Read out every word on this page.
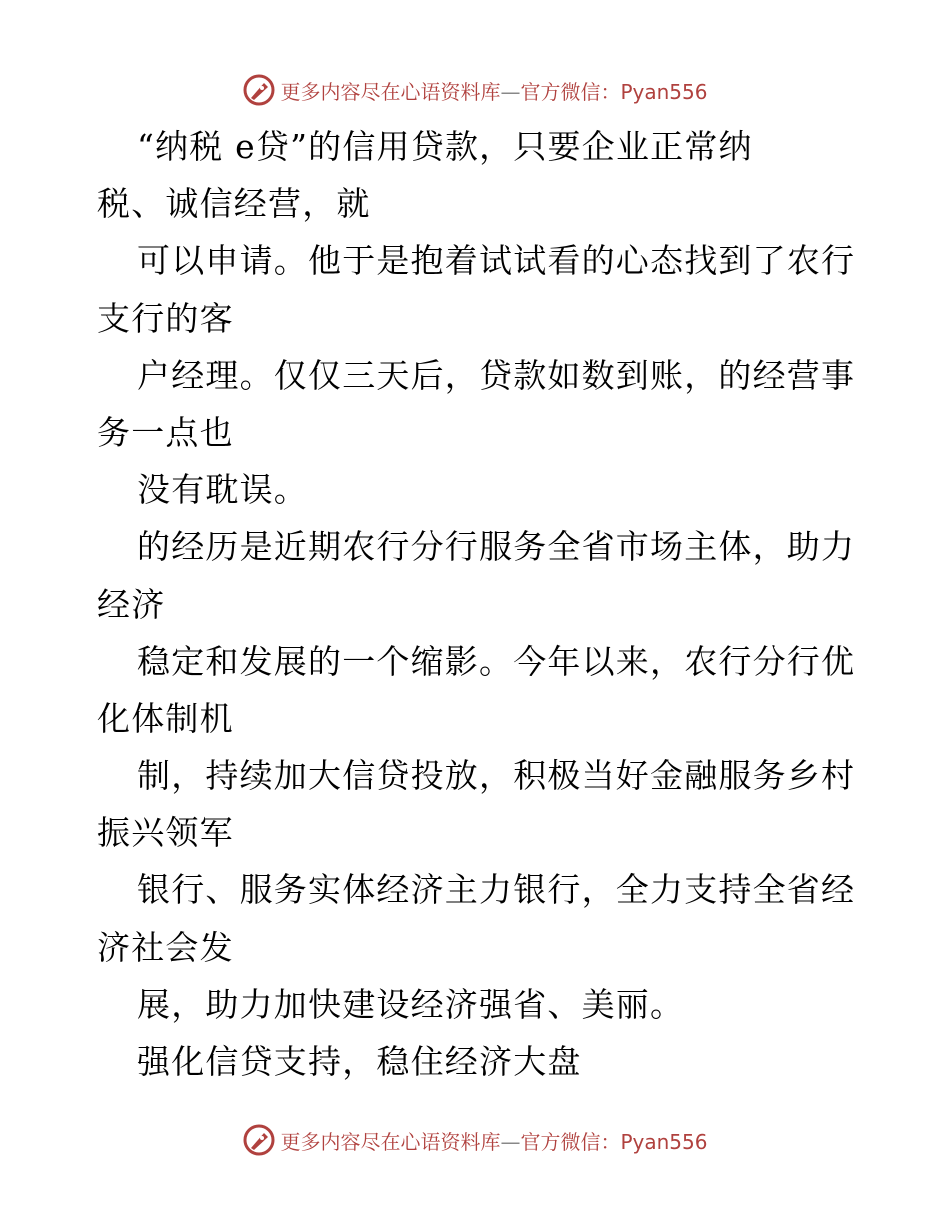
更多内容尽在心语资料库—官方微信：Pyan556
“纳税 e贷”的信用贷款，只要企业正常纳
税、诚信经营，就
可以申请。他于是抱着试试看的心态找到了农行
支行的客
户经理。仅仅三天后，贷款如数到账，的经营事
务一点也
没有耽误。
的经历是近期农行分行服务全省市场主体，助力
经济
稳定和发展的一个缩影。今年以来，农行分行优
化体制机
制，持续加大信贷投放，积极当好金融服务乡村
振兴领军
银行、服务实体经济主力银行，全力支持全省经
济社会发
展，助力加快建设经济强省、美丽。
强化信贷支持，稳住经济大盘
更多内容尽在心语资料库—官方微信：Pyan556
